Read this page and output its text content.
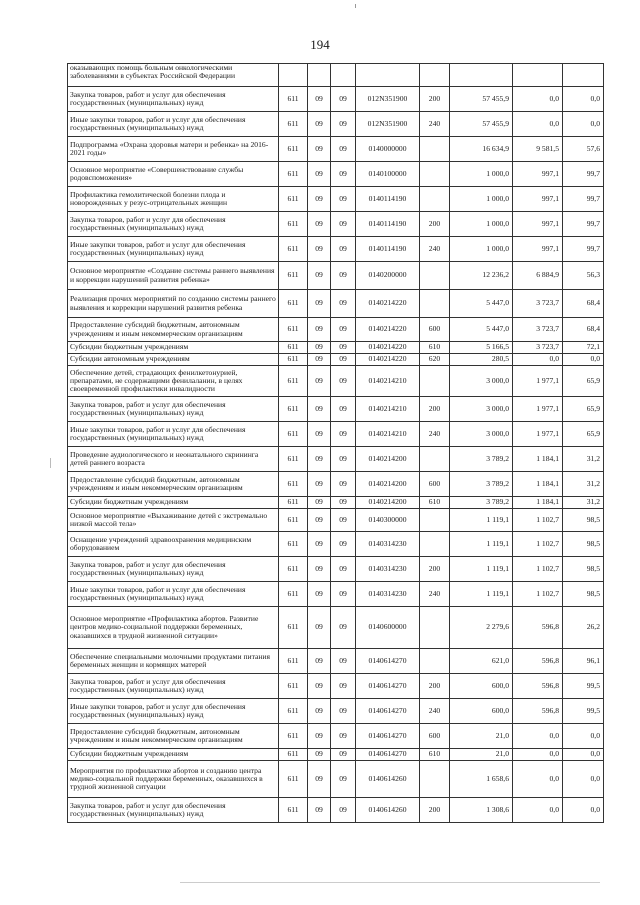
194
оказывающих помощь больным онкологическими заболеваниями в субъектах Российской Федерации								
Закупка товаров, работ и услуг для обеспечения государственных (муниципальных) нужд	611	09	09	012N351900	200	57 455,9	0,0	0,0
Иные закупки товаров, работ и услуг для обеспечения государственных (муниципальных) нужд	611	09	09	012N351900	240	57 455,9	0,0	0,0
Подпрограмма «Охрана здоровья матери и ребенка» на 2016-2021 годы»	611	09	09	0140000000		16 634,9	9 581,5	57,6
Основное мероприятие «Совершенствование службы родовспоможения»	611	09	09	0140100000		1 000,0	997,1	99,7
Профилактика гемолитической болезни плода и новорожденных у резус-отрицательных женщин	611	09	09	0140114190		1 000,0	997,1	99,7
Закупка товаров, работ и услуг для обеспечения государственных (муниципальных) нужд	611	09	09	0140114190	200	1 000,0	997,1	99,7
Иные закупки товаров, работ и услуг для обеспечения государственных (муниципальных) нужд	611	09	09	0140114190	240	1 000,0	997,1	99,7
Основное мероприятие «Создание системы раннего выявления и коррекции нарушений развития ребенка»	611	09	09	0140200000		12 236,2	6 884,9	56,3
Реализация прочих мероприятий по созданию системы раннего выявления и коррекции нарушений развития ребенка	611	09	09	0140214220		5 447,0	3 723,7	68,4
Предоставление субсидий бюджетным, автономным учреждениям и иным некоммерческим организациям	611	09	09	0140214220	600	5 447,0	3 723,7	68,4
Субсидии бюджетным учреждениям	611	09	09	0140214220	610	5 166,5	3 723,7	72,1
Субсидии автономным учреждениям	611	09	09	0140214220	620	280,5	0,0	0,0
Обеспечение детей, страдающих фенилкетонурией, препаратами, не содержащими фенилаланин, в целях своевременной профилактики инвалидности	611	09	09	0140214210		3 000,0	1 977,1	65,9
Закупка товаров, работ и услуг для обеспечения государственных (муниципальных) нужд	611	09	09	0140214210	200	3 000,0	1 977,1	65,9
Иные закупки товаров, работ и услуг для обеспечения государственных (муниципальных) нужд	611	09	09	0140214210	240	3 000,0	1 977,1	65,9
Проведение аудиологического и неонатального скрининга детей раннего возраста	611	09	09	0140214200		3 789,2	1 184,1	31,2
Предоставление субсидий бюджетным, автономным учреждениям и иным некоммерческим организациям	611	09	09	0140214200	600	3 789,2	1 184,1	31,2
Субсидии бюджетным учреждениям	611	09	09	0140214200	610	3 789,2	1 184,1	31,2
Основное мероприятие «Выхаживание детей с экстремально низкой массой тела»	611	09	09	0140300000		1 119,1	1 102,7	98,5
Оснащение учреждений здравоохранения медицинским оборудованием	611	09	09	0140314230		1 119,1	1 102,7	98,5
Закупка товаров, работ и услуг для обеспечения государственных (муниципальных) нужд	611	09	09	0140314230	200	1 119,1	1 102,7	98,5
Иные закупки товаров, работ и услуг для обеспечения государственных (муниципальных) нужд	611	09	09	0140314230	240	1 119,1	1 102,7	98,5
Основное мероприятие «Профилактика абортов. Развитие центров медико-социальной поддержки беременных, оказавшихся в трудной жизненной ситуации»	611	09	09	0140600000		2 279,6	596,8	26,2
Обеспечение специальными молочными продуктами питания беременных женщин и кормящих матерей	611	09	09	0140614270		621,0	596,8	96,1
Закупка товаров, работ и услуг для обеспечения государственных (муниципальных) нужд	611	09	09	0140614270	200	600,0	596,8	99,5
Иные закупки товаров, работ и услуг для обеспечения государственных (муниципальных) нужд	611	09	09	0140614270	240	600,0	596,8	99,5
Предоставление субсидий бюджетным, автономным учреждениям и иным некоммерческим организациям	611	09	09	0140614270	600	21,0	0,0	0,0
Субсидии бюджетным учреждениям	611	09	09	0140614270	610	21,0	0,0	0,0
Мероприятия по профилактике абортов и созданию центра медико-социальной поддержки беременных, оказавшихся в трудной жизненной ситуации	611	09	09	0140614260		1 658,6	0,0	0,0
Закупка товаров, работ и услуг для обеспечения государственных (муниципальных) нужд	611	09	09	0140614260	200	1 308,6	0,0	0,0
